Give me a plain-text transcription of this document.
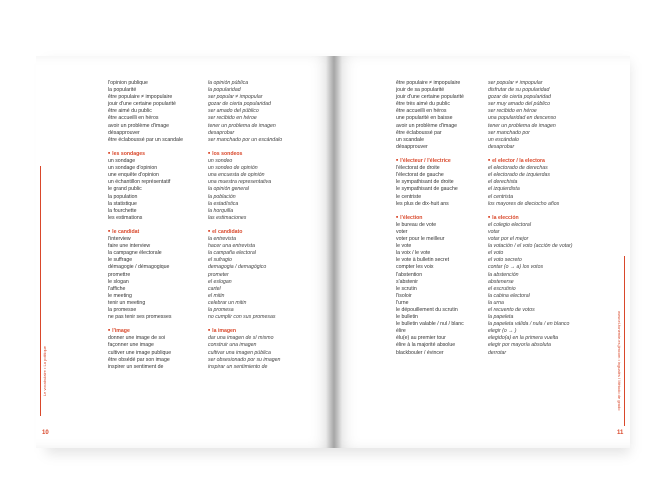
l'opinion publique
la popularité
être populaire ≠ impopulaire
jouir d'une certaine popularité
être aimé du public
être accueilli en héros
avoir un problème d'image
désapprouver
être éclaboussé par un scandale
■ les sondages
un sondage
un sondage d'opinion
une enquête d'opinion
un échantillon représentatif
le grand public
la population
la statistique
la fourchette
les estimations
■ le candidat
l'interview
faire une interview
la campagne électorale
le suffrage
démagogie / démagogique
promettre
le slogan
l'affiche
le meeting
tenir un meeting
la promesse
ne pas tenir ses promesses
■ l'image
donner une image de soi
façonner une image
cultiver une image publique
être obsédé par son image
inspirer un sentiment de
la opinión pública
la popularidad
ser popular ≠ impopular
gozar de cierta popularidad
ser amado del público
ser recibido en héroe
tener un problema de imagen
desaprobar
ser manchado por un escándalo
■ los sondeos
un sondeo
un sondeo de opinión
una encuesta de opinión
una muestra representativa
la opinión general
la población
la estadística
la horquilla
las estimaciones
■ el candidato
la entrevista
hacer una entrevista
la campaña electoral
el sufragio
demagogia / demagógico
prometer
el eslogan
cartel
el mitin
celebrar un mitin
la promesa
no cumplir con sus promesas
■ la imagen
dar una imagen de sí mismo
construir una imagen
cultivar una imagen pública
ser obsesionado por su imagen
inspirar un sentimiento de
Le vocabulaire • La politique
10
être populaire ≠ impopulaire
jouir de sa popularité
jouir d'une certaine popularité
être très aimé du public
être accueilli en héros
une popularité en baisse
avoir un problème d'image
être éclaboussé par
un scandale
désapprouver
■ l'électeur / l'électrice
l'électorat de droite
l'électorat de gauche
le sympathisant de droite
le sympathisant de gauche
le centriste
les plus de dix-huit ans
■ l'élection
le bureau de vote
voter
voter pour le meilleur
le vote
la voix / le vote
le vote à bulletin secret
compter les voix
l'abstention
s'abstenir
le scrutin
l'isoloir
l'urne
le dépouillement du scrutin
le bulletin
le bulletin valable / nul / blanc
élire
élu(e) au premier tour
élire à la majorité absolue
blackbouler / évincer
ser popular ≠ impopular
disfrutar de su popularidad
gozar de cierta popularidad
ser muy amado del público
ser recibido en héroe
una popularidad en descenso
tener un problema de imagen
ser manchado por
un escándalo
desaprobar
■ el elector / la electora
el electorado de derechas
el electorado de izquierdas
el derechista
el izquierdista
el centrista
los mayores de dieciocho años
■ la elección
el colegio electoral
votar
votar por el mejor
la votación / el voto (acción de votar)
el voto
el voto secreto
contar (o → a) los votos
la abstención
abstenerse
el escrutinio
la cabina electoral
la urna
el recuento de votos
la papeleta
la papeleta válida / nula / en blanco
elegir (o → )
elegido(a) en la primera vuelta
elegir por mayoría absoluta
derrotar	www.el-fonemie.es.jimcom • ingualés / Método de grado
11
